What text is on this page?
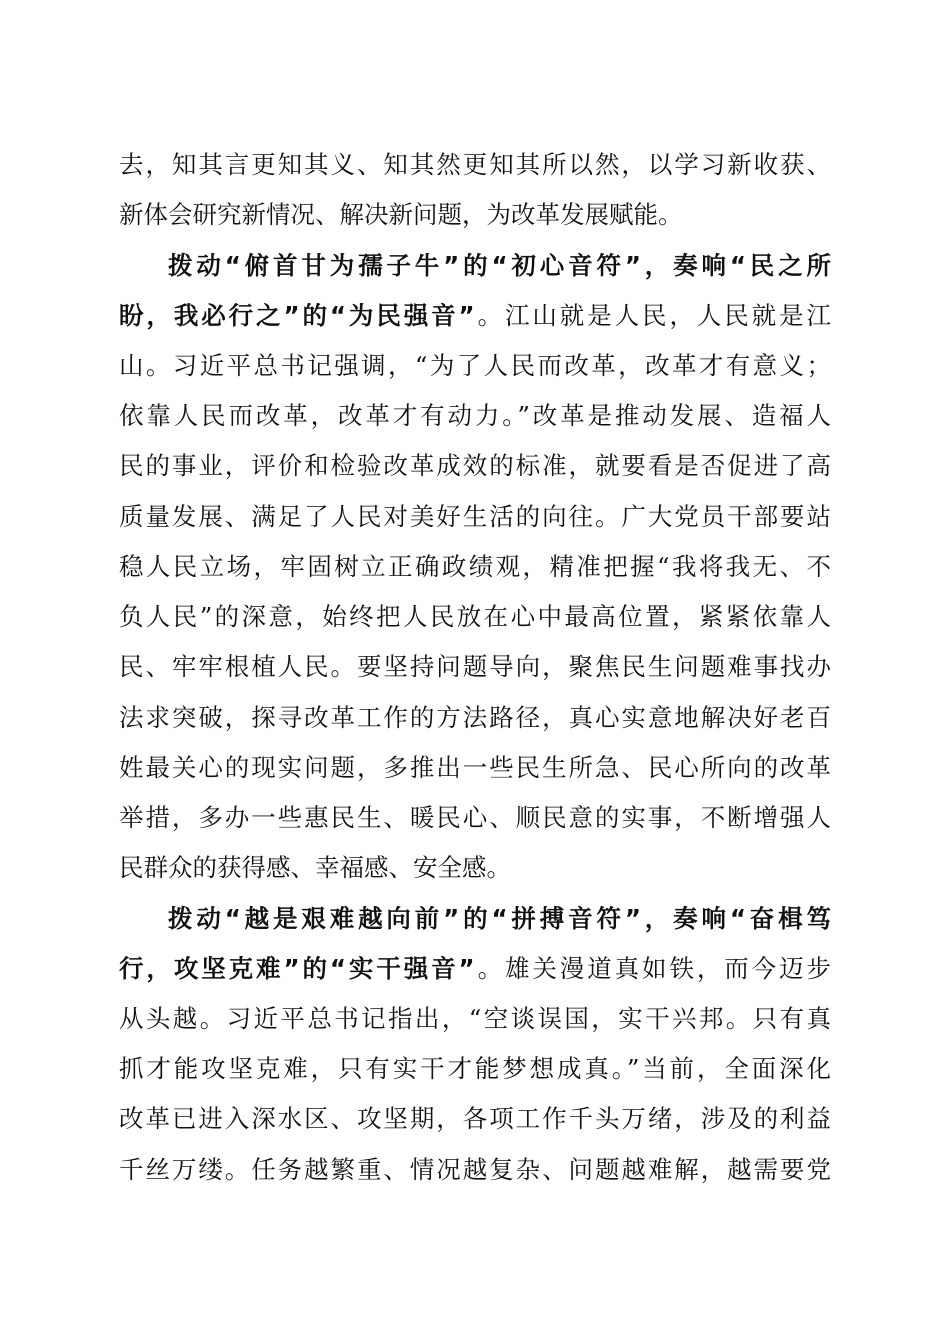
去，知其言更知其义、知其然更知其所以然，以学习新收获、
新体会研究新情况、解决新问题，为改革发展赋能。
拨动“俯首甘为孺子牛”的“初心音符”，奏响“民之所
盼，我必行之”的“为民强音”。江山就是人民，人民就是江
山。习近平总书记强调，“为了人民而改革，改革才有意义；
依靠人民而改革，改革才有动力。”改革是推动发展、造福人
民的事业，评价和检验改革成效的标准，就要看是否促进了高
质量发展、满足了人民对美好生活的向往。广大党员干部要站
稳人民立场，牢固树立正确政绩观，精准把握“我将我无、不
负人民”的深意，始终把人民放在心中最高位置，紧紧依靠人
民、牢牢根植人民。要坚持问题导向，聚焦民生问题难事找办
法求突破，探寻改革工作的方法路径，真心实意地解决好老百
姓最关心的现实问题，多推出一些民生所急、民心所向的改革
举措，多办一些惠民生、暖民心、顺民意的实事，不断增强人
民群众的获得感、幸福感、安全感。
拨动“越是艰难越向前”的“拼搏音符”，奏响“奋楫笃
行，攻坚克难”的“实干强音”。雄关漫道真如铁，而今迈步
从头越。习近平总书记指出，“空谈误国，实干兴邦。只有真
抓才能攻坚克难，只有实干才能梦想成真。”当前，全面深化
改革已进入深水区、攻坚期，各项工作千头万绪，涉及的利益
千丝万缕。任务越繁重、情况越复杂、问题越难解，越需要党
